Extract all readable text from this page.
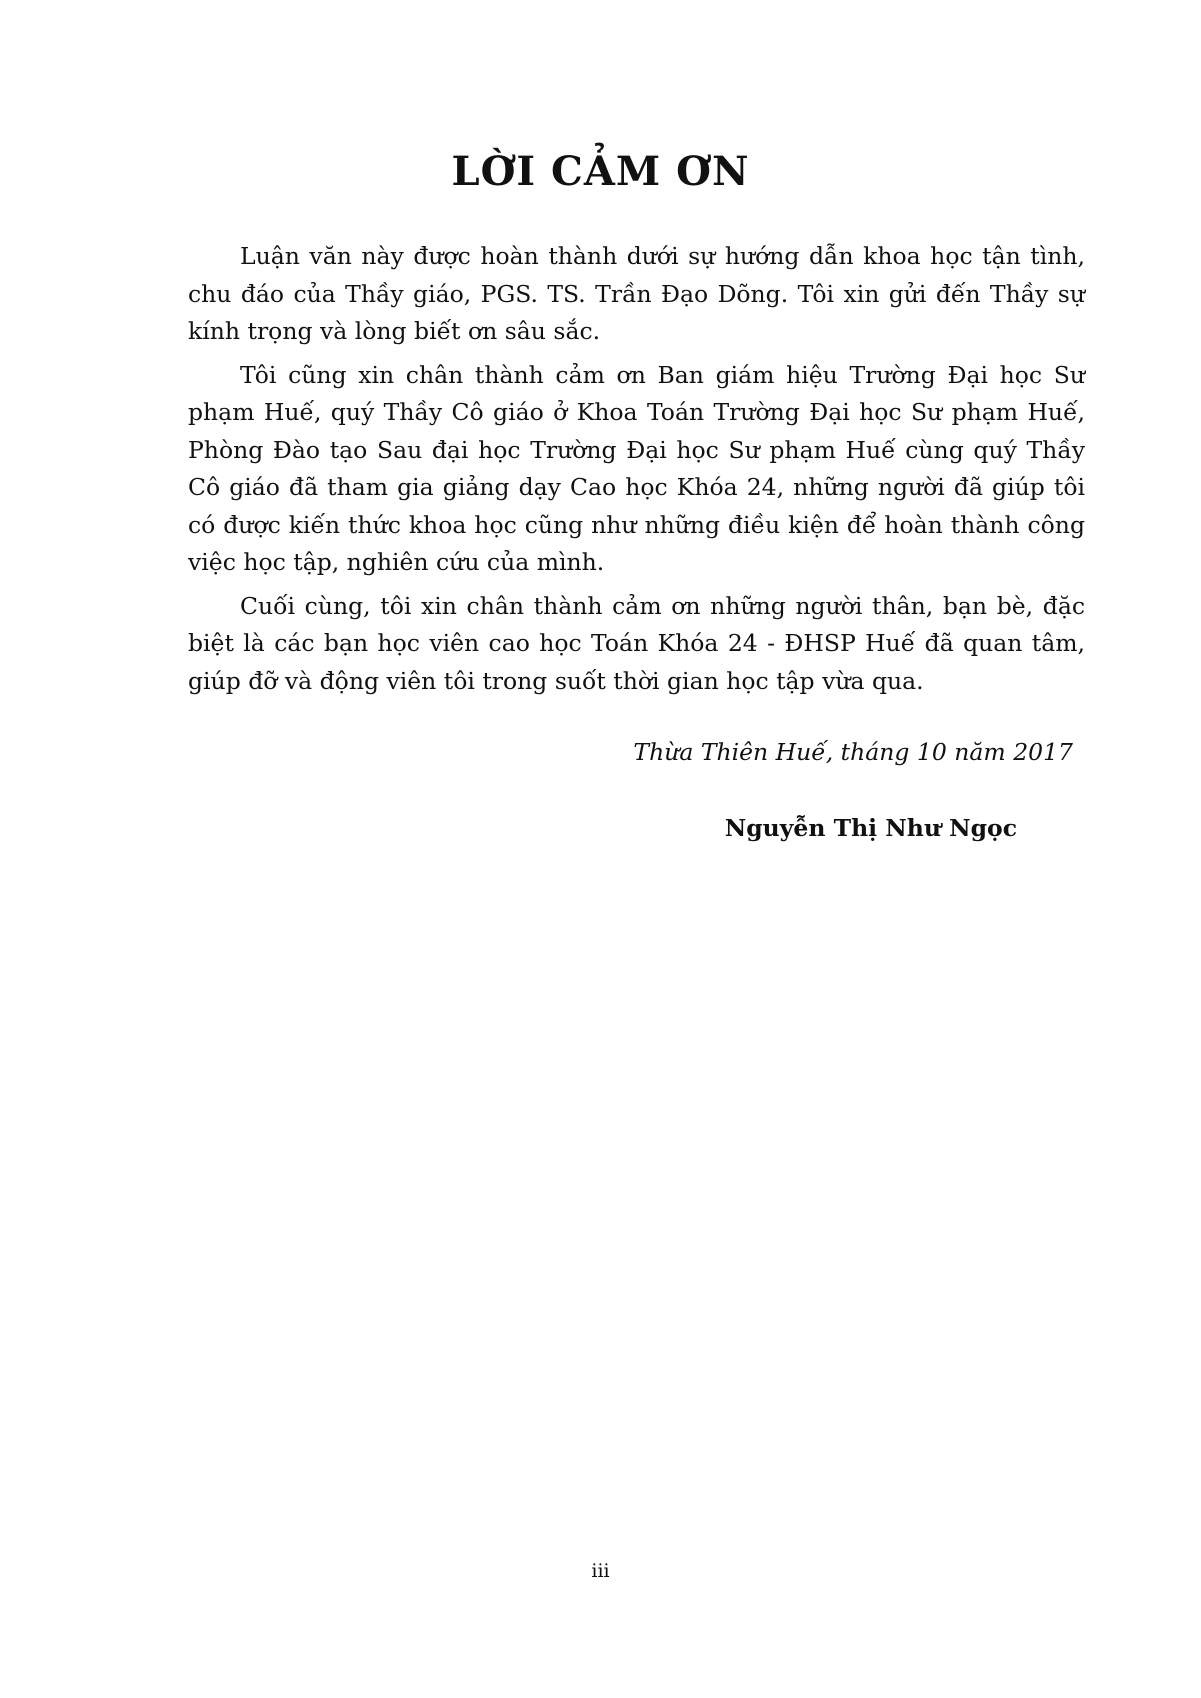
LỜI CẢM ƠN

Luận văn này được hoàn thành dưới sự hướng dẫn khoa học tận tình, chu đáo của Thầy giáo, PGS. TS. Trần Đạo Dõng. Tôi xin gửi đến Thầy sự kính trọng và lòng biết ơn sâu sắc.

Tôi cũng xin chân thành cảm ơn Ban giám hiệu Trường Đại học Sư phạm Huế, quý Thầy Cô giáo ở Khoa Toán Trường Đại học Sư phạm Huế, Phòng Đào tạo Sau đại học Trường Đại học Sư phạm Huế cùng quý Thầy Cô giáo đã tham gia giảng dạy Cao học Khóa 24, những người đã giúp tôi có được kiến thức khoa học cũng như những điều kiện để hoàn thành công việc học tập, nghiên cứu của mình.

Cuối cùng, tôi xin chân thành cảm ơn những người thân, bạn bè, đặc biệt là các bạn học viên cao học Toán Khóa 24 - ĐHSP Huế đã quan tâm, giúp đỡ và động viên tôi trong suốt thời gian học tập vừa qua.

Thừa Thiên Huế, tháng 10 năm 2017
Nguyễn Thị Như Ngọc
iii
